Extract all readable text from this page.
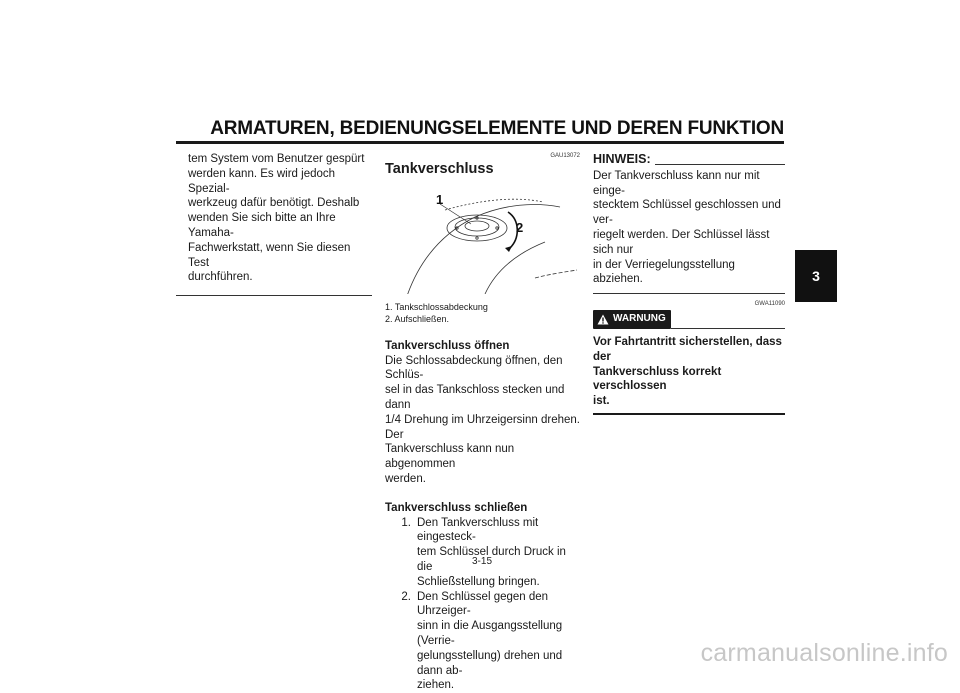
ARMATUREN, BEDIENUNGSELEMENTE UND DEREN FUNKTION
3

tem System vom Benutzer gespürt

werden kann. Es wird jedoch Spezial-

werkzeug dafür benötigt. Deshalb

wenden Sie sich bitte an Ihre Yamaha-

Fachwerkstatt, wenn Sie diesen Test

durchführen.

GAU13072
Tankverschluss
1
2
1. Tankschlossabdeckung
2. Aufschließen.
Tankverschluss öffnen

Die Schlossabdeckung öffnen, den Schlüs-

sel in das Tankschloss stecken und dann

1/4 Drehung im Uhrzeigersinn drehen. Der

Tankverschluss kann nun abgenommen

werden.

Tankverschluss schließen
1. Den Tankverschluss mit eingesteck-
tem Schlüssel durch Druck in die
Schließstellung bringen.
2. Den Schlüssel gegen den Uhrzeiger-
sinn in die Ausgangsstellung (Verrie-
gelungsstellung) drehen und dann ab-
ziehen.
HINWEIS:

Der Tankverschluss kann nur mit einge-

stecktem Schlüssel geschlossen und ver-

riegelt werden. Der Schlüssel lässt sich nur

in der Verriegelungsstellung abziehen.

GWA11090
WARNUNG

Vor Fahrtantritt sicherstellen, dass der

Tankverschluss korrekt verschlossen

ist.

3-15
carmanualsonline.info
